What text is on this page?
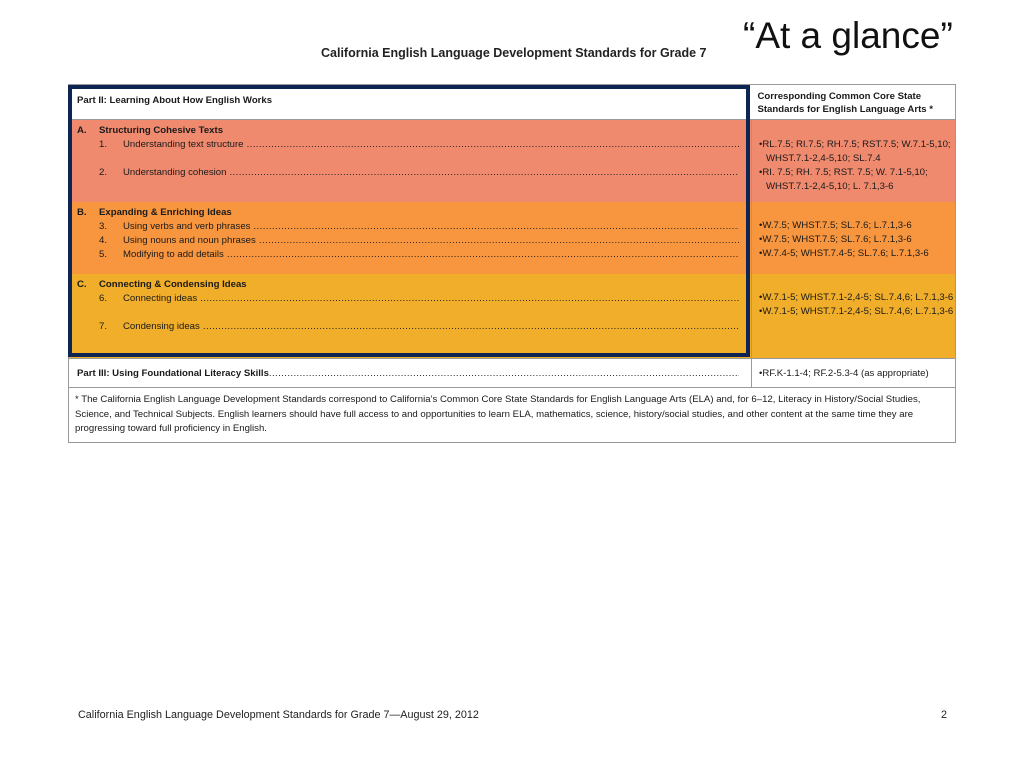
“At a glance”
California English Language Development Standards for Grade 7
Part II: Learning About How English Works	Corresponding Common Core State Standards for English Language Arts *
A.	Structuring Cohesive Texts
1.	Understanding text structure .....
2.	Understanding cohesion .....
•RL.7.5; RI.7.5; RH.7.5; RST.7.5; W.7.1-5,10; WHST.7.1-2,4-5,10; SL.7.4
•RI. 7.5; RH. 7.5; RST. 7.5; W. 7.1-5,10; WHST.7.1-2,4-5,10; L. 7.1,3-6
B.	Expanding & Enriching Ideas
3.	Using verbs and verb phrases .....
4.	Using nouns and noun phrases .....
5.	Modifying to add details .....
•W.7.5; WHST.7.5; SL.7.6; L.7.1,3-6
•W.7.5; WHST.7.5; SL.7.6; L.7.1,3-6
•W.7.4-5; WHST.7.4-5; SL.7.6; L.7.1,3-6
C.	Connecting & Condensing Ideas
6.	Connecting ideas .....
7.	Condensing ideas .....
•W.7.1-5; WHST.7.1-2,4-5; SL.7.4,6; L.7.1,3-6
•W.7.1-5; WHST.7.1-2,4-5; SL.7.4,6; L.7.1,3-6
Part III: Using Foundational Literacy Skills
.....	•RF.K-1.1-4; RF.2-5.3-4 (as appropriate)
* The California English Language Development Standards correspond to California’s Common Core State Standards for English Language Arts (ELA) and, for 6–12, Literacy in History/Social Studies, Science, and Technical Subjects. English learners should have full access to and opportunities to learn ELA, mathematics, science, history/social studies, and other content at the same time they are progressing toward full proficiency in English.
California English Language Development Standards for Grade 7—August 29, 2012	2
